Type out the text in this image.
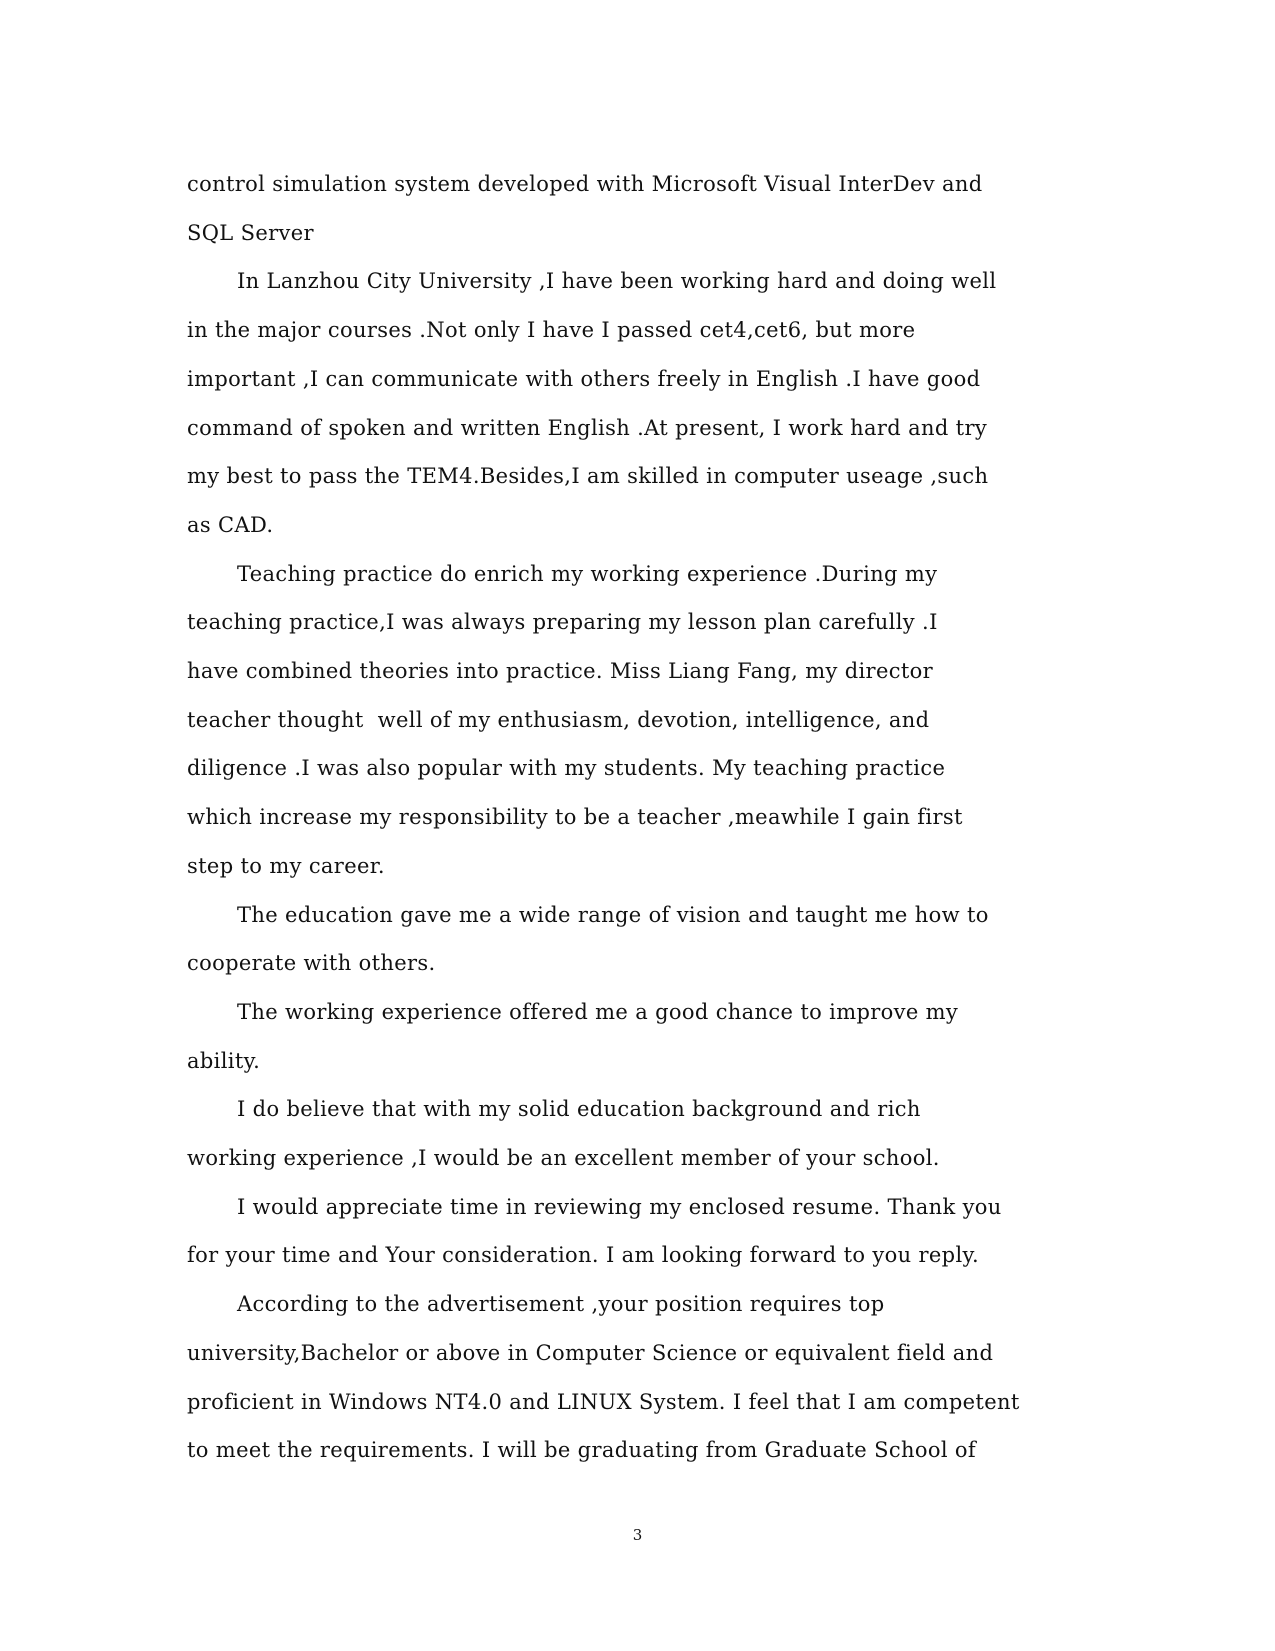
control simulation system developed with Microsoft Visual InterDev and
SQL Server

In Lanzhou City University ,I have been working hard and doing well
in the major courses .Not only I have I passed cet4,cet6, but more
important ,I can communicate with others freely in English .I have good
command of spoken and written English .At present, I work hard and try
my best to pass the TEM4.Besides,I am skilled in computer useage ,such
as CAD.

Teaching practice do enrich my working experience .During my
teaching practice,I was always preparing my lesson plan carefully .I
have combined theories into practice. Miss Liang Fang, my director
teacher thought  well of my enthusiasm, devotion, intelligence, and
diligence .I was also popular with my students. My teaching practice
which increase my responsibility to be a teacher ,meawhile I gain first
step to my career.

The education gave me a wide range of vision and taught me how to
cooperate with others.

The working experience offered me a good chance to improve my
ability.

I do believe that with my solid education background and rich
working experience ,I would be an excellent member of your school.

I would appreciate time in reviewing my enclosed resume. Thank you
for your time and Your consideration. I am looking forward to you reply.

According to the advertisement ,your position requires top
university,Bachelor or above in Computer Science or equivalent field and
proficient in Windows NT4.0 and LINUX System. I feel that I am competent
to meet the requirements. I will be graduating from Graduate School of

3
